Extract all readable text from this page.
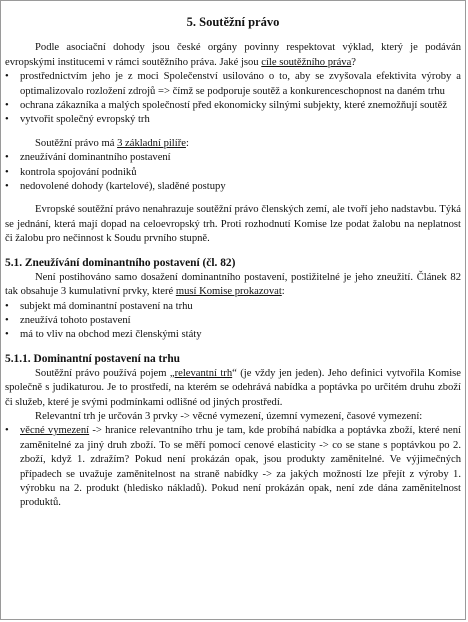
5. Soutěžní právo

Podle asociační dohody jsou české orgány povinny respektovat výklad, který je podáván evropskými institucemi v rámci soutěžního práva. Jaké jsou cíle soutěžního práva?

• prostřednictvím jeho je z moci Společenství usilováno o to, aby se zvyšovala efektivita výroby a optimalizovalo rozložení zdrojů => čímž se podporuje soutěž a konkurenceschopnost na daném trhu
• ochrana zákazníka a malých společností před ekonomicky silnými subjekty, které znemožňují soutěž
• vytvořit společný evropský trh

Soutěžní právo má 3 základní pilíře:

• zneužívání dominantního postavení
• kontrola spojování podniků
• nedovolené dohody (kartelové), sladěné postupy

Evropské soutěžní právo nenahrazuje soutěžní právo členských zemí, ale tvoří jeho nadstavbu. Týká se jednání, která mají dopad na celoevropský trh. Proti rozhodnutí Komise lze podat žalobu na neplatnost či žalobu pro nečinnost k Soudu prvního stupně.

5.1. Zneužívání dominantního postavení (čl. 82)

Není postihováno samo dosažení dominantního postavení, postižitelné je jeho zneužití. Článek 82 tak obsahuje 3 kumulativní prvky, které musí Komise prokazovat:

• subjekt má dominantní postavení na trhu
• zneužívá tohoto postavení
• má to vliv na obchod mezi členskými státy
5.1.1. Dominantní postavení na trhu

Soutěžní právo používá pojem „relevantní trh“ (je vždy jen jeden). Jeho definici vytvořila Komise společně s judikaturou. Je to prostředí, na kterém se odehrává nabídka a poptávka po určitém druhu zboží či služeb, které je svými podmínkami odlišné od jiných prostředí.

Relevantní trh je určován 3 prvky -> věcné vymezení, územní vymezení, časové vymezení:

• věcné vymezení -> hranice relevantního trhu je tam, kde probíhá nabídka a poptávka zboží, které není zaměnitelné za jiný druh zboží. To se měří pomocí cenové elasticity -> co se stane s poptávkou po 2. zboží, když 1. zdražím? Pokud není prokázán opak, jsou produkty zaměnitelné. Ve výjimečných případech se uvažuje zaměnitelnost na straně nabídky -> za jakých možností lze přejít z výroby 1. výrobku na 2. produkt (hledisko nákladů). Pokud není prokázán opak, není zde dána zaměnitelnost produktů.
